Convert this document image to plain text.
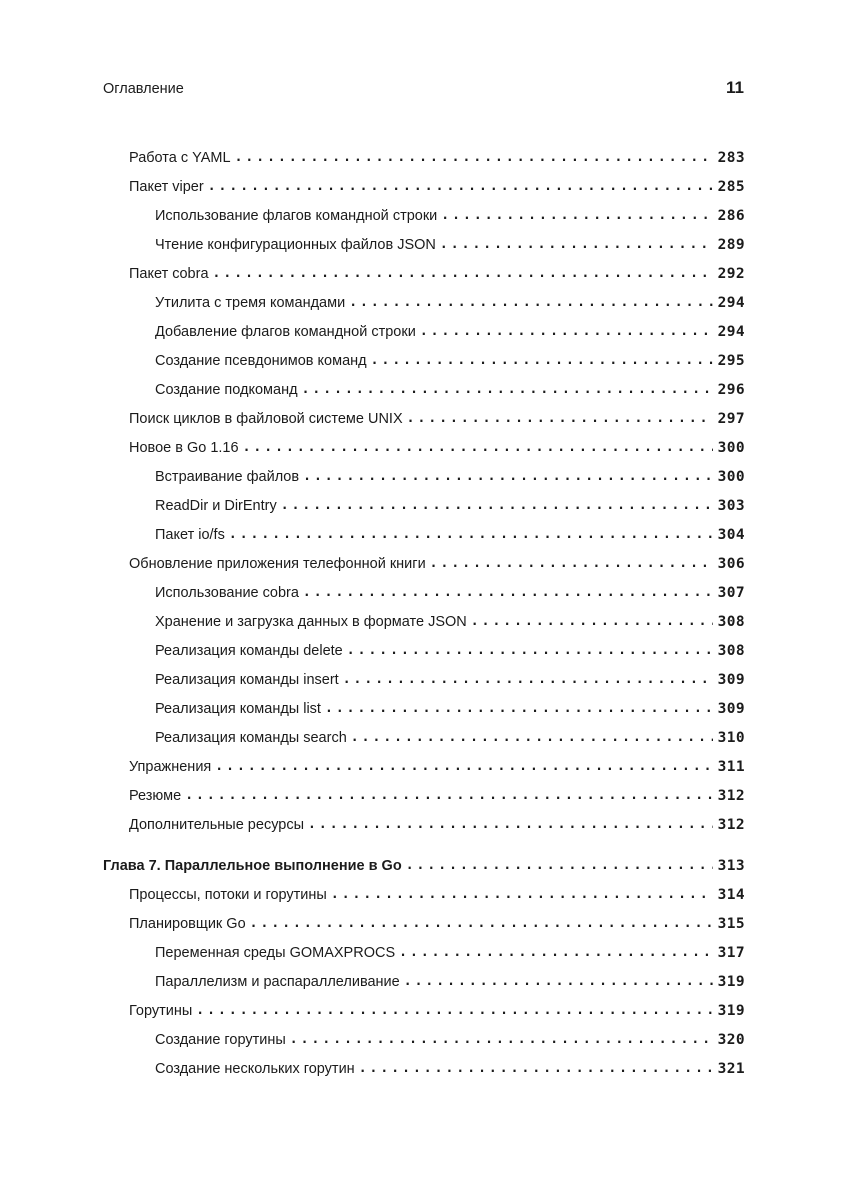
Оглавление	11
Работа с YAML . . .	283
Пакет viper . . .	285
Использование флагов командной строки . . .	286
Чтение конфигурационных файлов JSON . . .	289
Пакет cobra . . .	292
Утилита с тремя командами . . .	294
Добавление флагов командной строки . . .	294
Создание псевдонимов команд . . .	295
Создание подкоманд . . .	296
Поиск циклов в файловой системе UNIX . . .	297
Новое в Go 1.16 . . .	300
Встраивание файлов . . .	300
ReadDir и DirEntry . . .	303
Пакет io/fs . . .	304
Обновление приложения телефонной книги . . .	306
Использование cobra . . .	307
Хранение и загрузка данных в формате JSON . . .	308
Реализация команды delete . . .	308
Реализация команды insert . . .	309
Реализация команды list . . .	309
Реализация команды search . . .	310
Упражнения . . .	311
Резюме . . .	312
Дополнительные ресурсы . . .	312
Глава 7. Параллельное выполнение в Go . . .	313
Процессы, потоки и горутины . . .	314
Планировщик Go . . .	315
Переменная среды GOMAXPROCS . . .	317
Параллелизм и распараллеливание . . .	319
Горутины . . .	319
Создание горутины . . .	320
Создание нескольких горутин . . .	321
